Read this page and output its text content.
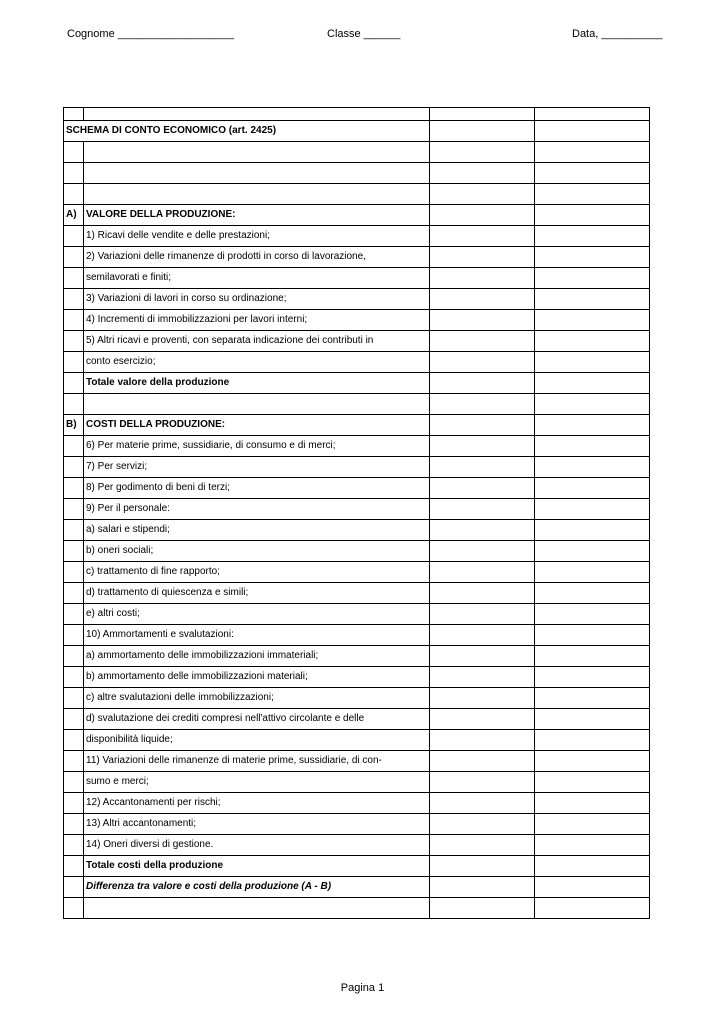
Cognome ___________________	Classe ______	Data, __________

SCHEMA DI CONTO ECONOMICO (art. 2425)			

A)	VALORE DELLA PRODUZIONE:		
	1) Ricavi delle vendite e delle prestazioni;		
	2) Variazioni delle rimanenze di prodotti in corso di lavorazione,		
	semilavorati e finiti;		
	3) Variazioni di lavori in corso su ordinazione;		
	4) Incrementi di immobilizzazioni per lavori interni;		
	5) Altri ricavi e proventi, con separata indicazione dei contributi in		
	conto esercizio;		
	Totale valore della produzione		

B)	COSTI DELLA PRODUZIONE:		
	6) Per materie prime, sussidiarie, di consumo e di merci;		
	7) Per servizi;		
	8) Per godimento di beni di terzi;		
	9) Per il personale:		
	a) salari e stipendi;		
	b) oneri sociali;		
	c) trattamento di fine rapporto;		
	d) trattamento di quiescenza e simili;		
	e) altri costi;		
	10) Ammortamenti e svalutazioni:		
	a) ammortamento delle immobilizzazioni immateriali;		
	b) ammortamento delle immobilizzazioni materiali;		
	c) altre svalutazioni delle immobilizzazioni;		
	d) svalutazione dei crediti compresi nell'attivo circolante e delle		
	disponibilità liquide;		
	11) Variazioni delle rimanenze di materie prime, sussidiarie, di con-		
	sumo e merci;		
	12) Accantonamenti per rischi;		
	13) Altri accantonamenti;		
	14) Oneri diversi di gestione.		
	Totale costi della produzione		
	Differenza tra valore e costi della produzione (A - B)		

Pagina 1
